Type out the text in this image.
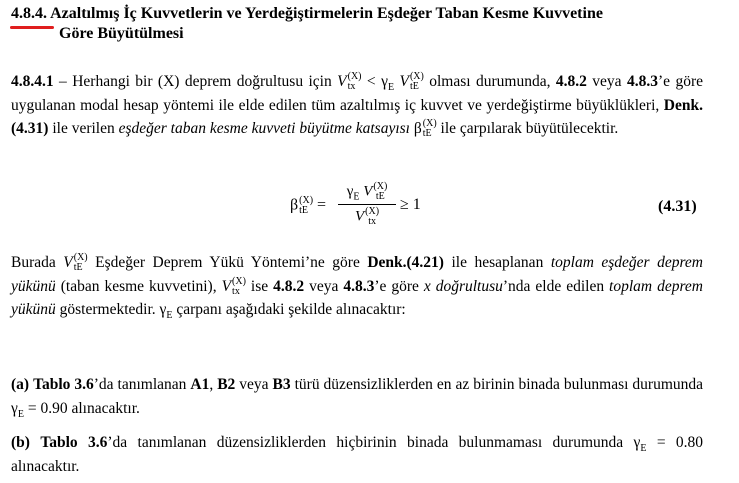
4.8.4. Azaltılmış İç Kuvvetlerin ve Yerdeğiştirmelerin Eşdeğer Taban Kesme Kuvvetine
Göre Büyütülmesi
4.8.4.1 – Herhangi bir (X) deprem doğrultusu için V (X)
tx < $\gamma_E$ V (X)
tE olması durumunda, 4.8.2 veya 4.8.3’e göre uygulanan modal hesap yöntemi ile elde edilen tüm azaltılmış iç kuvvet ve yerdeğiştirme büyüklükleri, Denk.(4.31) ile verilen eşdeğer taban kesme kuvveti büyütme katsayısı β (X)
tE ile çarpılarak büyütülecektir.
β (X)
tE =
$\gamma_E$ V (X)
tE
V (X)
tx
≥ 1	(4.31)
Burada V (X)
tE Eşdeğer Deprem Yükü Yöntemi’ne göre Denk.(4.21) ile hesaplanan toplam eşdeğer deprem yükünü (taban kesme kuvvetini), V (X)
tx ise 4.8.2 veya 4.8.3’e göre x doğrultusu’nda elde edilen toplam deprem yükünü göstermektedir. $\gamma_E$ çarpanı aşağıdaki şekilde alınacaktır:
(a) Tablo 3.6’da tanımlanan A1, B2 veya B3 türü düzensizliklerden en az birinin binada bulunması durumunda $\gamma_E = 0.90$ alınacaktır.
(b) Tablo 3.6’da tanımlanan düzensizliklerden hiçbirinin binada bulunmaması durumunda $\gamma_E = 0.80$ alınacaktır.
